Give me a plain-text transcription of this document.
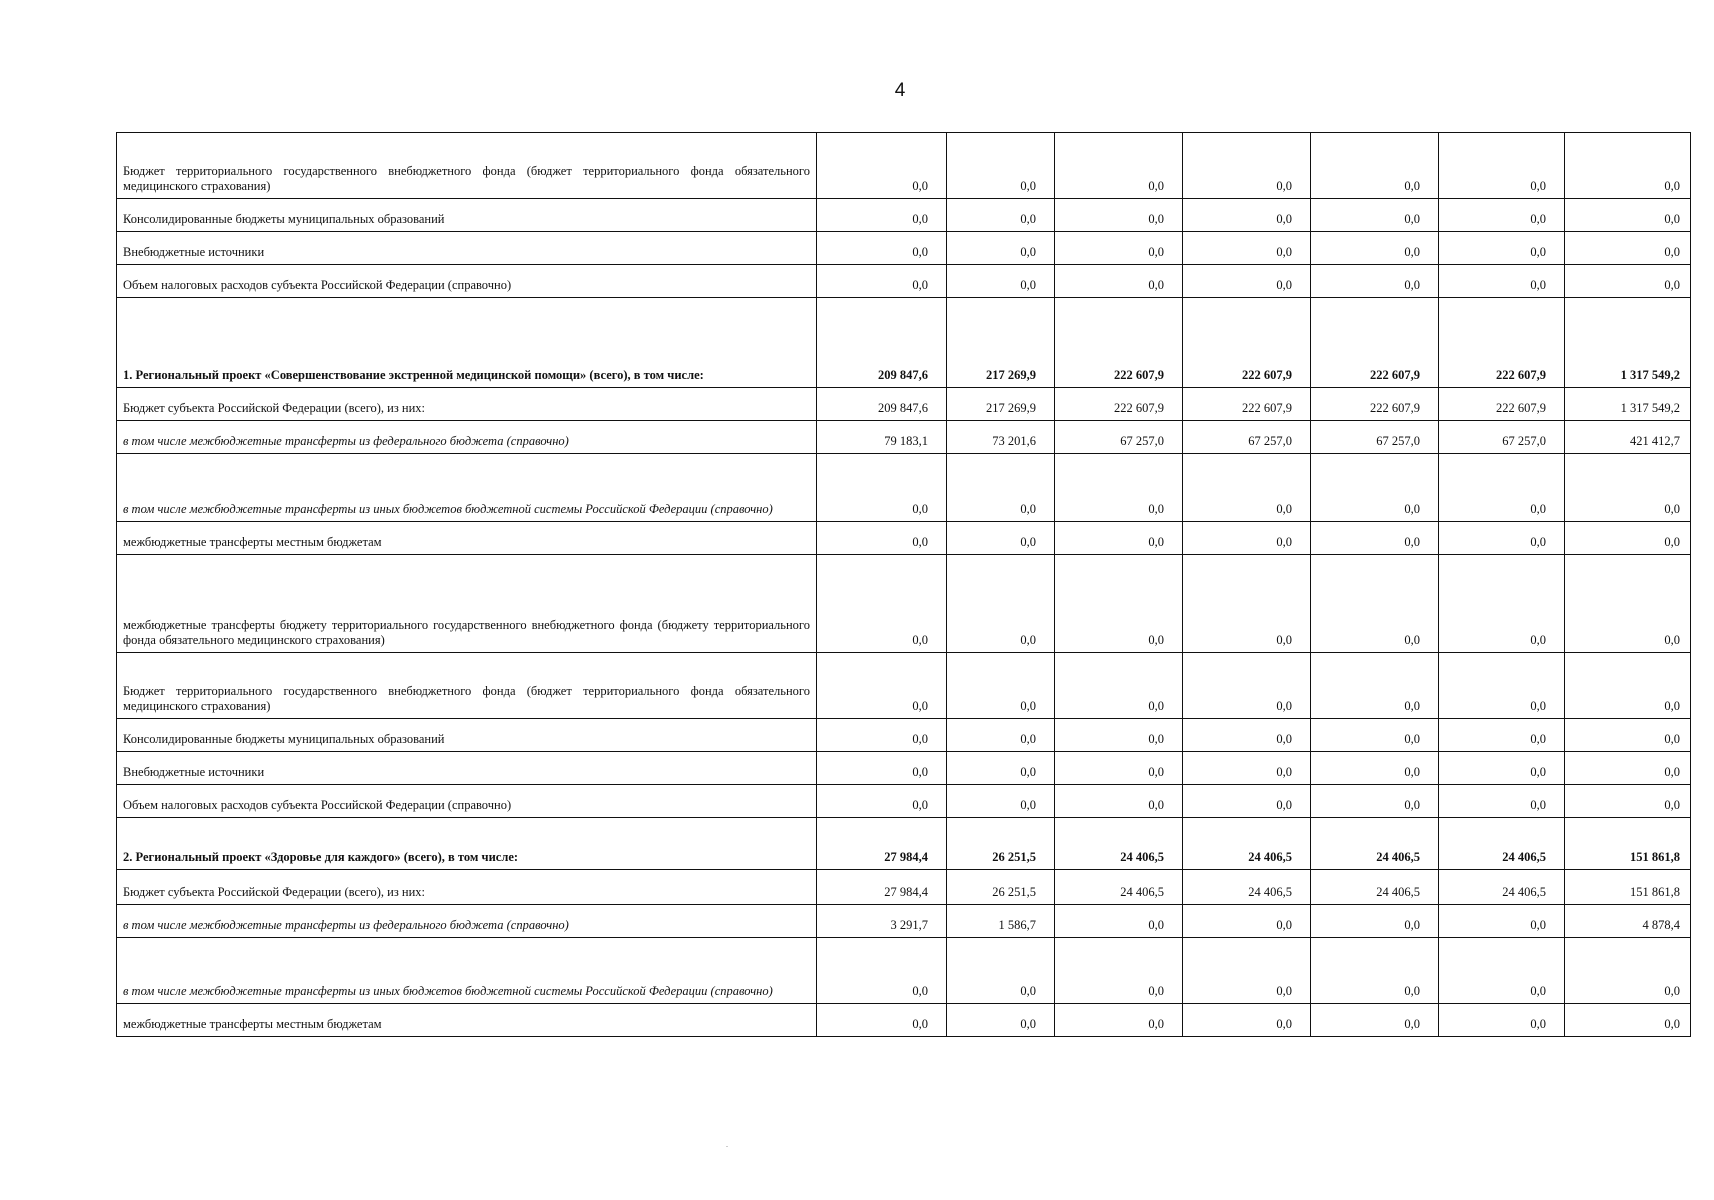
4
Бюджет территориального государственного внебюджетного фонда (бюджет территориального фонда обязательного медицинского страхования)	0,0	0,0	0,0	0,0	0,0	0,0	0,0
Консолидированные бюджеты муниципальных образований	0,0	0,0	0,0	0,0	0,0	0,0	0,0
Внебюджетные источники	0,0	0,0	0,0	0,0	0,0	0,0	0,0
Объем налоговых расходов субъекта Российской Федерации (справочно)	0,0	0,0	0,0	0,0	0,0	0,0	0,0
1. Региональный проект «Совершенствование экстренной медицинской помощи» (всего), в том числе:	209 847,6	217 269,9	222 607,9	222 607,9	222 607,9	222 607,9	1 317 549,2
Бюджет субъекта Российской Федерации (всего), из них:	209 847,6	217 269,9	222 607,9	222 607,9	222 607,9	222 607,9	1 317 549,2
в том числе межбюджетные трансферты из федерального бюджета (справочно)	79 183,1	73 201,6	67 257,0	67 257,0	67 257,0	67 257,0	421 412,7
в том числе межбюджетные трансферты из иных бюджетов бюджетной системы Российской Федерации (справочно)	0,0	0,0	0,0	0,0	0,0	0,0	0,0
межбюджетные трансферты местным бюджетам	0,0	0,0	0,0	0,0	0,0	0,0	0,0
межбюджетные трансферты бюджету территориального государственного внебюджетного фонда (бюджету территориального фонда обязательного медицинского страхования)	0,0	0,0	0,0	0,0	0,0	0,0	0,0
Бюджет территориального государственного внебюджетного фонда (бюджет территориального фонда обязательного медицинского страхования)	0,0	0,0	0,0	0,0	0,0	0,0	0,0
Консолидированные бюджеты муниципальных образований	0,0	0,0	0,0	0,0	0,0	0,0	0,0
Внебюджетные источники	0,0	0,0	0,0	0,0	0,0	0,0	0,0
Объем налоговых расходов субъекта Российской Федерации (справочно)	0,0	0,0	0,0	0,0	0,0	0,0	0,0
2. Региональный проект «Здоровье для каждого» (всего), в том числе:	27 984,4	26 251,5	24 406,5	24 406,5	24 406,5	24 406,5	151 861,8
Бюджет субъекта Российской Федерации (всего), из них:	27 984,4	26 251,5	24 406,5	24 406,5	24 406,5	24 406,5	151 861,8
в том числе межбюджетные трансферты из федерального бюджета (справочно)	3 291,7	1 586,7	0,0	0,0	0,0	0,0	4 878,4
в том числе межбюджетные трансферты из иных бюджетов бюджетной системы Российской Федерации (справочно)	0,0	0,0	0,0	0,0	0,0	0,0	0,0
межбюджетные трансферты местным бюджетам	0,0	0,0	0,0	0,0	0,0	0,0	0,0
